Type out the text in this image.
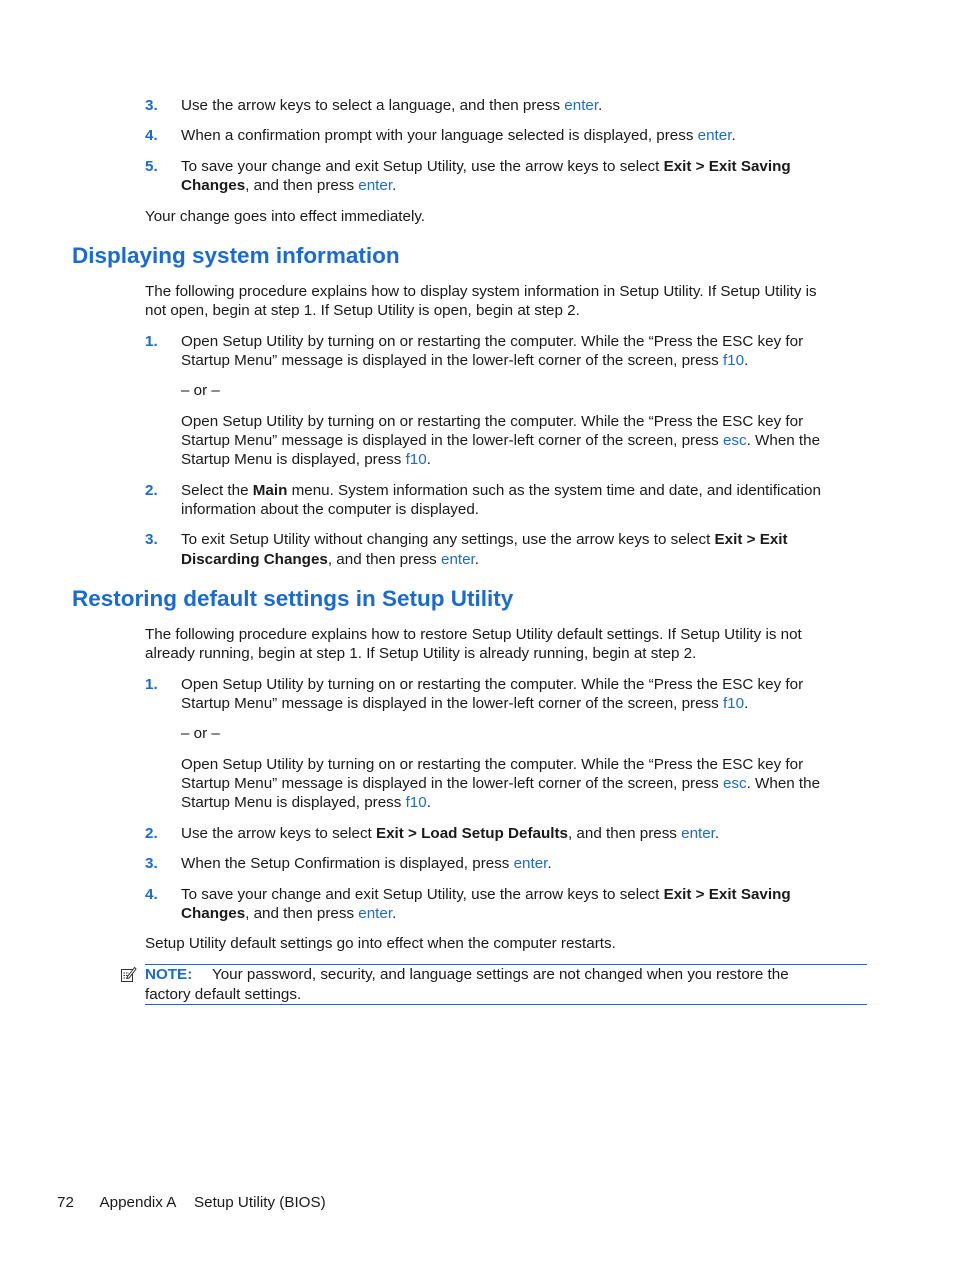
3. Use the arrow keys to select a language, and then press enter.
4. When a confirmation prompt with your language selected is displayed, press enter.
5. To save your change and exit Setup Utility, use the arrow keys to select Exit > Exit Saving
Changes, and then press enter.
Your change goes into effect immediately.
Displaying system information
The following procedure explains how to display system information in Setup Utility. If Setup Utility is
not open, begin at step 1. If Setup Utility is open, begin at step 2.
1. Open Setup Utility by turning on or restarting the computer. While the “Press the ESC key for
Startup Menu” message is displayed in the lower-left corner of the screen, press f10.
– or –
Open Setup Utility by turning on or restarting the computer. While the “Press the ESC key for
Startup Menu” message is displayed in the lower-left corner of the screen, press esc. When the
Startup Menu is displayed, press f10.
2. Select the Main menu. System information such as the system time and date, and identification
information about the computer is displayed.
3. To exit Setup Utility without changing any settings, use the arrow keys to select Exit > Exit
Discarding Changes, and then press enter.
Restoring default settings in Setup Utility
The following procedure explains how to restore Setup Utility default settings. If Setup Utility is not
already running, begin at step 1. If Setup Utility is already running, begin at step 2.
1. Open Setup Utility by turning on or restarting the computer. While the “Press the ESC key for
Startup Menu” message is displayed in the lower-left corner of the screen, press f10.
– or –
Open Setup Utility by turning on or restarting the computer. While the “Press the ESC key for
Startup Menu” message is displayed in the lower-left corner of the screen, press esc. When the
Startup Menu is displayed, press f10.
2. Use the arrow keys to select Exit > Load Setup Defaults, and then press enter.
3. When the Setup Confirmation is displayed, press enter.
4. To save your change and exit Setup Utility, use the arrow keys to select Exit > Exit Saving
Changes, and then press enter.
Setup Utility default settings go into effect when the computer restarts.
NOTE: Your password, security, and language settings are not changed when you restore the
factory default settings.
72 Appendix A Setup Utility (BIOS)
